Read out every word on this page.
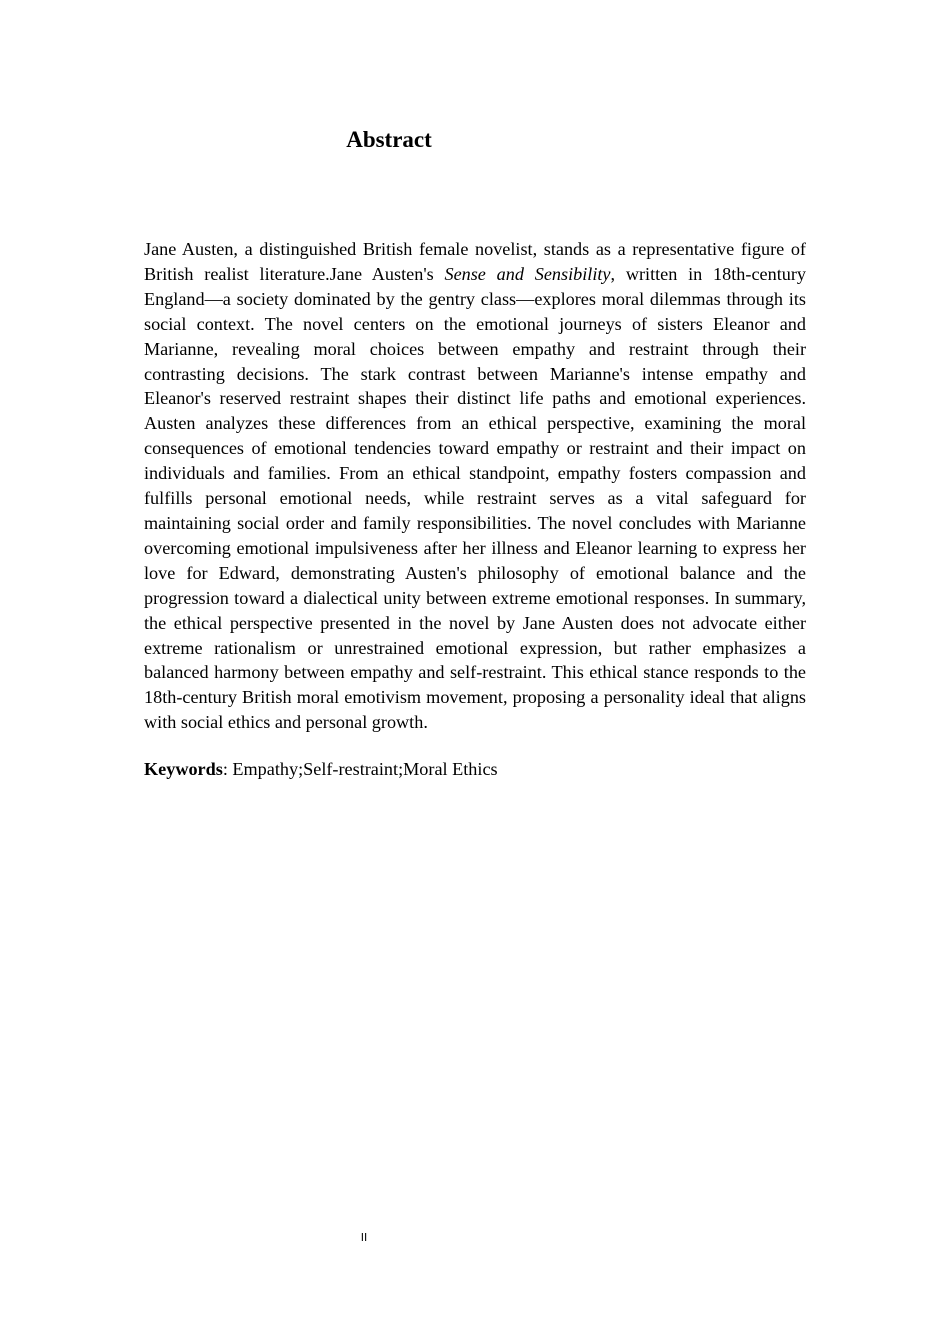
Abstract

Jane Austen, a distinguished British female novelist, stands as a representative figure of British realist literature.Jane Austen's Sense and Sensibility, written in 18th-century England—a society dominated by the gentry class—explores moral dilemmas through its social context. The novel centers on the emotional journeys of sisters Eleanor and Marianne, revealing moral choices between empathy and restraint through their contrasting decisions. The stark contrast between Marianne's intense empathy and Eleanor's reserved restraint shapes their distinct life paths and emotional experiences. Austen analyzes these differences from an ethical perspective, examining the moral consequences of emotional tendencies toward empathy or restraint and their impact on individuals and families. From an ethical standpoint, empathy fosters compassion and fulfills personal emotional needs, while restraint serves as a vital safeguard for maintaining social order and family responsibilities. The novel concludes with Marianne overcoming emotional impulsiveness after her illness and Eleanor learning to express her love for Edward, demonstrating Austen's philosophy of emotional balance and the progression toward a dialectical unity between extreme emotional responses. In summary, the ethical perspective presented in the novel by Jane Austen does not advocate either extreme rationalism or unrestrained emotional expression, but rather emphasizes a balanced harmony between empathy and self-restraint. This ethical stance responds to the 18th-century British moral emotivism movement, proposing a personality ideal that aligns with social ethics and personal growth.

Keywords: Empathy;Self-restraint;Moral Ethics

II
